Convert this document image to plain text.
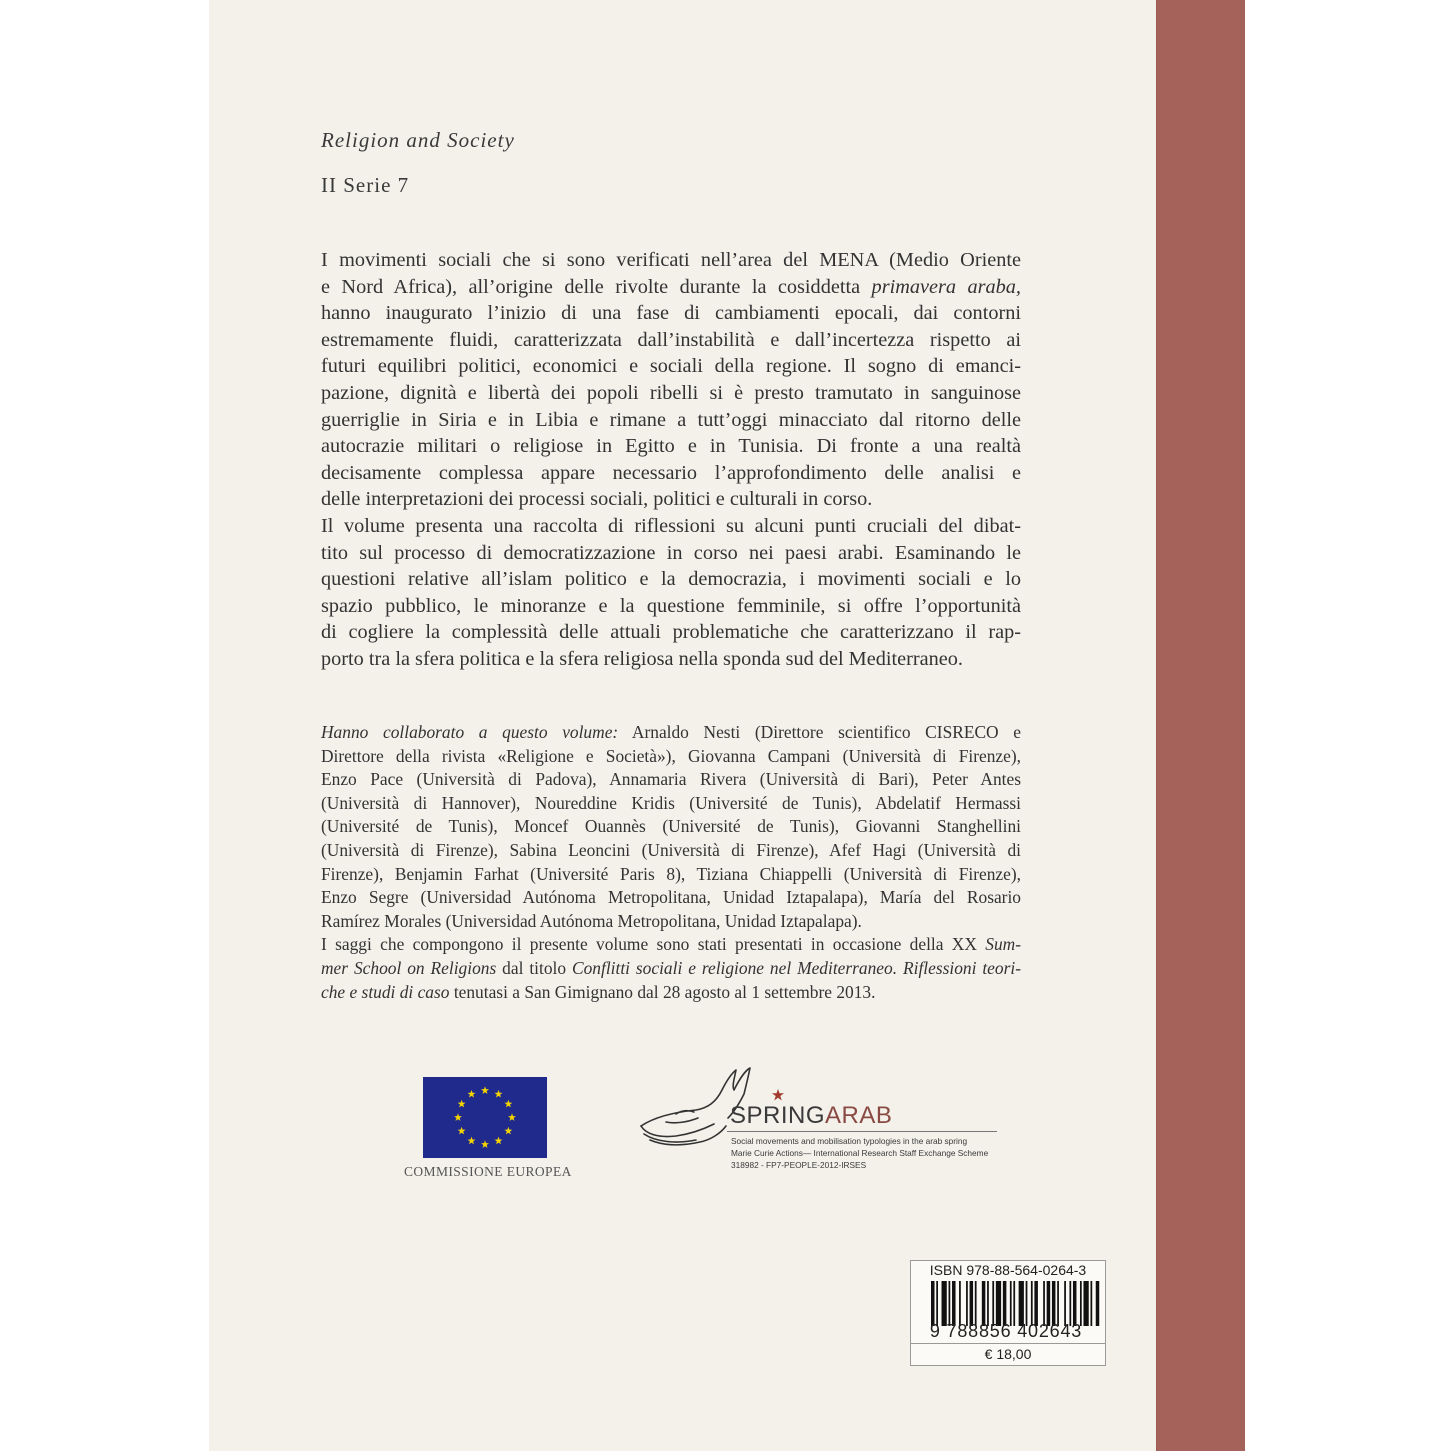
Religion and Society
II Serie 7
I movimenti sociali che si sono verificati nell’area del MENA (Medio Oriente
e Nord Africa), all’origine delle rivolte durante la cosiddetta primavera araba,
hanno inaugurato l’inizio di una fase di cambiamenti epocali, dai contorni
estremamente fluidi, caratterizzata dall’instabilità e dall’incertezza rispetto ai
futuri equilibri politici, economici e sociali della regione. Il sogno di emanci-
pazione, dignità e libertà dei popoli ribelli si è presto tramutato in sanguinose
guerriglie in Siria e in Libia e rimane a tutt’oggi minacciato dal ritorno delle
autocrazie militari o religiose in Egitto e in Tunisia. Di fronte a una realtà
decisamente complessa appare necessario l’approfondimento delle analisi e
delle interpretazioni dei processi sociali, politici e culturali in corso.
Il volume presenta una raccolta di riflessioni su alcuni punti cruciali del dibat-
tito sul processo di democratizzazione in corso nei paesi arabi. Esaminando le
questioni relative all’islam politico e la democrazia, i movimenti sociali e lo
spazio pubblico, le minoranze e la questione femminile, si offre l’opportunità
di cogliere la complessità delle attuali problematiche che caratterizzano il rap-
porto tra la sfera politica e la sfera religiosa nella sponda sud del Mediterraneo.
Hanno collaborato a questo volume: Arnaldo Nesti (Direttore scientifico CISRECO e
Direttore della rivista «Religione e Società»), Giovanna Campani (Università di Firenze),
Enzo Pace (Università di Padova), Annamaria Rivera (Università di Bari), Peter Antes
(Università di Hannover), Noureddine Kridis (Université de Tunis), Abdelatif Hermassi
(Université de Tunis), Moncef Ouannès (Université de Tunis), Giovanni Stanghellini
(Università di Firenze), Sabina Leoncini (Università di Firenze), Afef Hagi (Università di
Firenze), Benjamin Farhat (Université Paris 8), Tiziana Chiappelli (Università di Firenze),
Enzo Segre (Universidad Autónoma Metropolitana, Unidad Iztapalapa), María del Rosario
Ramírez Morales (Universidad Autónoma Metropolitana, Unidad Iztapalapa).
I saggi che compongono il presente volume sono stati presentati in occasione della XX Sum-
mer School on Religions dal titolo Conflitti sociali e religione nel Mediterraneo. Riflessioni teori-
che e studi di caso tenutasi a San Gimignano dal 28 agosto al 1 settembre 2013.
COMMISSIONE EUROPEA
SPRINGARAB
Social movements and mobilisation typologies in the arab spring
Marie Curie Actions— International Research Staff Exchange Scheme
318982 - FP7-PEOPLE-2012-IRSES
ISBN 978-88-564-0264-3
9 788856 402643
€ 18,00
